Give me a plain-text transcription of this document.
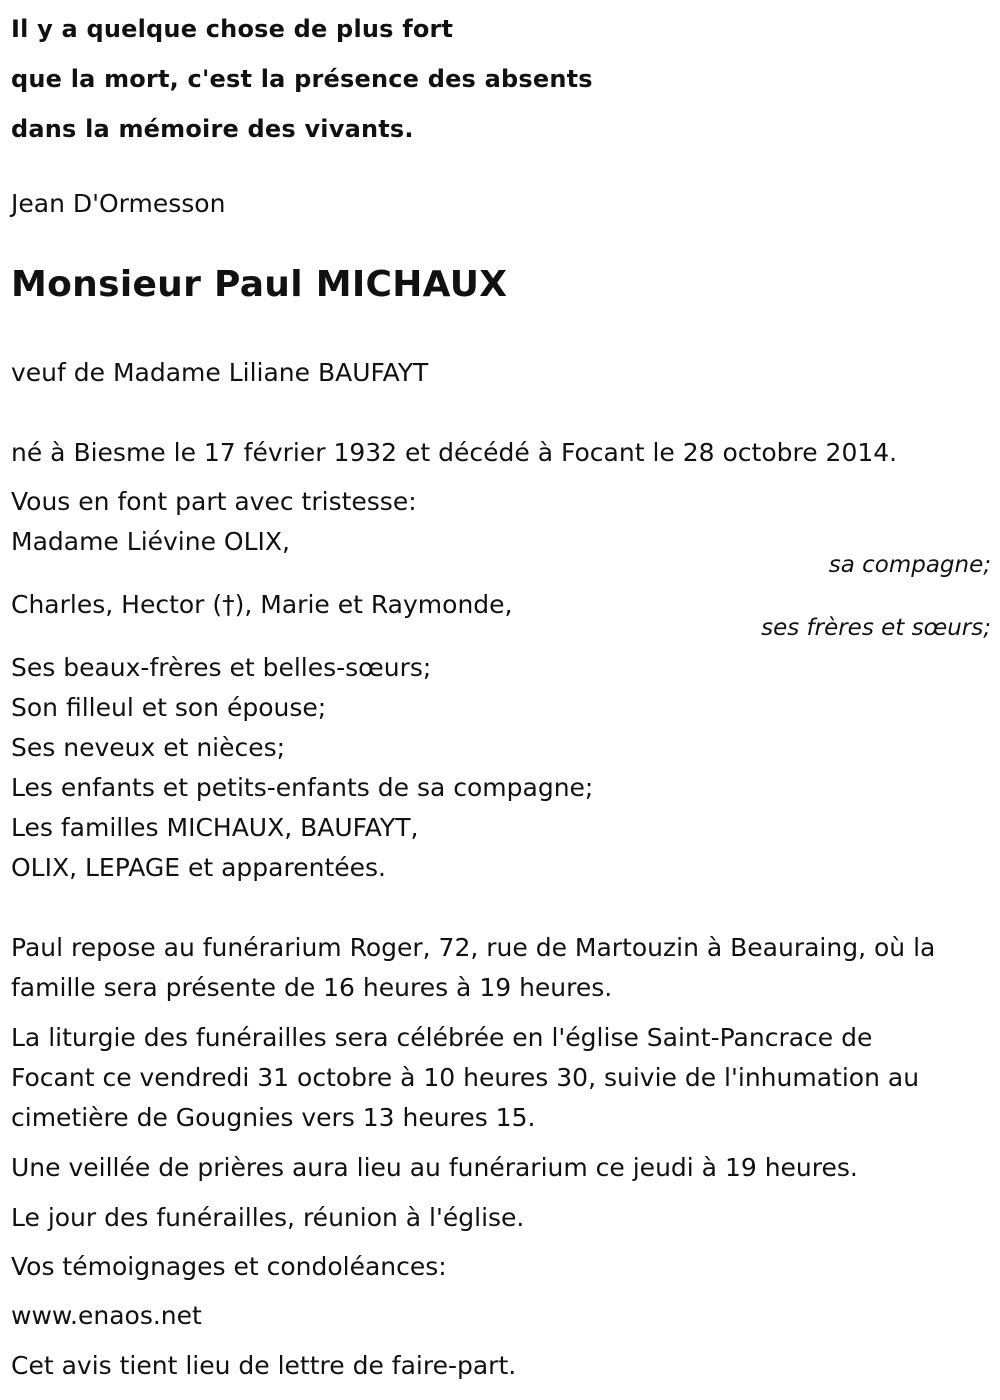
Il y a quelque chose de plus fort
que la mort, c'est la présence des absents
dans la mémoire des vivants.
Jean D'Ormesson
Monsieur Paul MICHAUX
veuf de Madame Liliane BAUFAYT
né à Biesme le 17 février 1932 et décédé à Focant le 28 octobre 2014.
Vous en font part avec tristesse:
Madame Liévine OLIX,
sa compagne;
Charles, Hector (†), Marie et Raymonde,
ses frères et sœurs;
Ses beaux-frères et belles-sœurs;
Son filleul et son épouse;
Ses neveux et nièces;
Les enfants et petits-enfants de sa compagne;
Les familles MICHAUX, BAUFAYT,
OLIX, LEPAGE et apparentées.
Paul repose au funérarium Roger, 72, rue de Martouzin à Beauraing, où la
famille sera présente de 16 heures à 19 heures.
La liturgie des funérailles sera célébrée en l'église Saint-Pancrace de
Focant ce vendredi 31 octobre à 10 heures 30, suivie de l'inhumation au
cimetière de Gougnies vers 13 heures 15.
Une veillée de prières aura lieu au funérarium ce jeudi à 19 heures.
Le jour des funérailles, réunion à l'église.
Vos témoignages et condoléances:
www.enaos.net
Cet avis tient lieu de lettre de faire-part.
